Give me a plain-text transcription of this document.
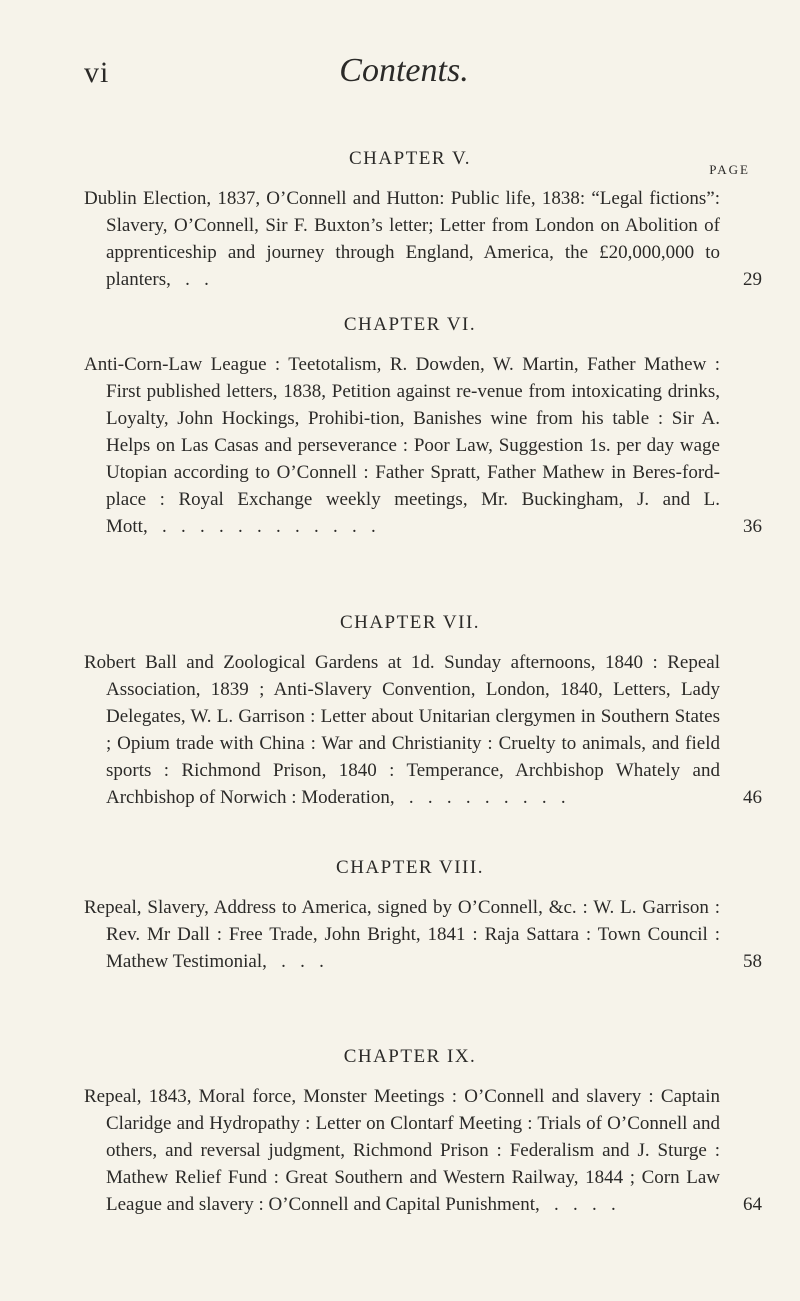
vi	Contents.
PAGE
CHAPTER V.
Dublin Election, 1837, O’Connell and Hutton: Public life, 1838: “Legal fictions”: Slavery, O’Connell, Sir F. Buxton’s letter; Letter from London on Abolition of apprenticeship and journey through England, America, the £20,000,000 to planters,   .   .	29
CHAPTER VI.
Anti-Corn-Law League : Teetotalism, R. Dowden, W. Martin, Father Mathew : First published letters, 1838, Petition against re-venue from intoxicating drinks, Loyalty, John Hockings, Prohibi-tion, Banishes wine from his table : Sir A. Helps on Las Casas and perseverance : Poor Law, Suggestion 1s. per day wage Utopian according to O’Connell : Father Spratt, Father Mathew in Beres-ford-place : Royal Exchange weekly meetings, Mr. Buckingham, J. and L. Mott,   .   .   .   .   .   .   .   .   .   .   .   .	36
CHAPTER VII.
Robert Ball and Zoological Gardens at 1d. Sunday afternoons, 1840 : Repeal Association, 1839 ; Anti-Slavery Convention, London, 1840, Letters, Lady Delegates, W. L. Garrison : Letter about Unitarian clergymen in Southern States ; Opium trade with China : War and Christianity : Cruelty to animals, and field sports : Richmond Prison, 1840 : Temperance, Archbishop Whately and Archbishop of Norwich : Moderation,   .   .   .   .   .   .   .   .   .	46
CHAPTER VIII.
Repeal, Slavery, Address to America, signed by O’Connell, &c. : W. L. Garrison : Rev. Mr Dall : Free Trade, John Bright, 1841 : Raja Sattara : Town Council : Mathew Testimonial,   .   .   .	58
CHAPTER IX.
Repeal, 1843, Moral force, Monster Meetings : O’Connell and slavery : Captain Claridge and Hydropathy : Letter on Clontarf Meeting : Trials of O’Connell and others, and reversal judgment, Richmond Prison : Federalism and J. Sturge : Mathew Relief Fund : Great Southern and Western Railway, 1844 ; Corn Law League and slavery : O’Connell and Capital Punishment,   .   .   .   .	64
